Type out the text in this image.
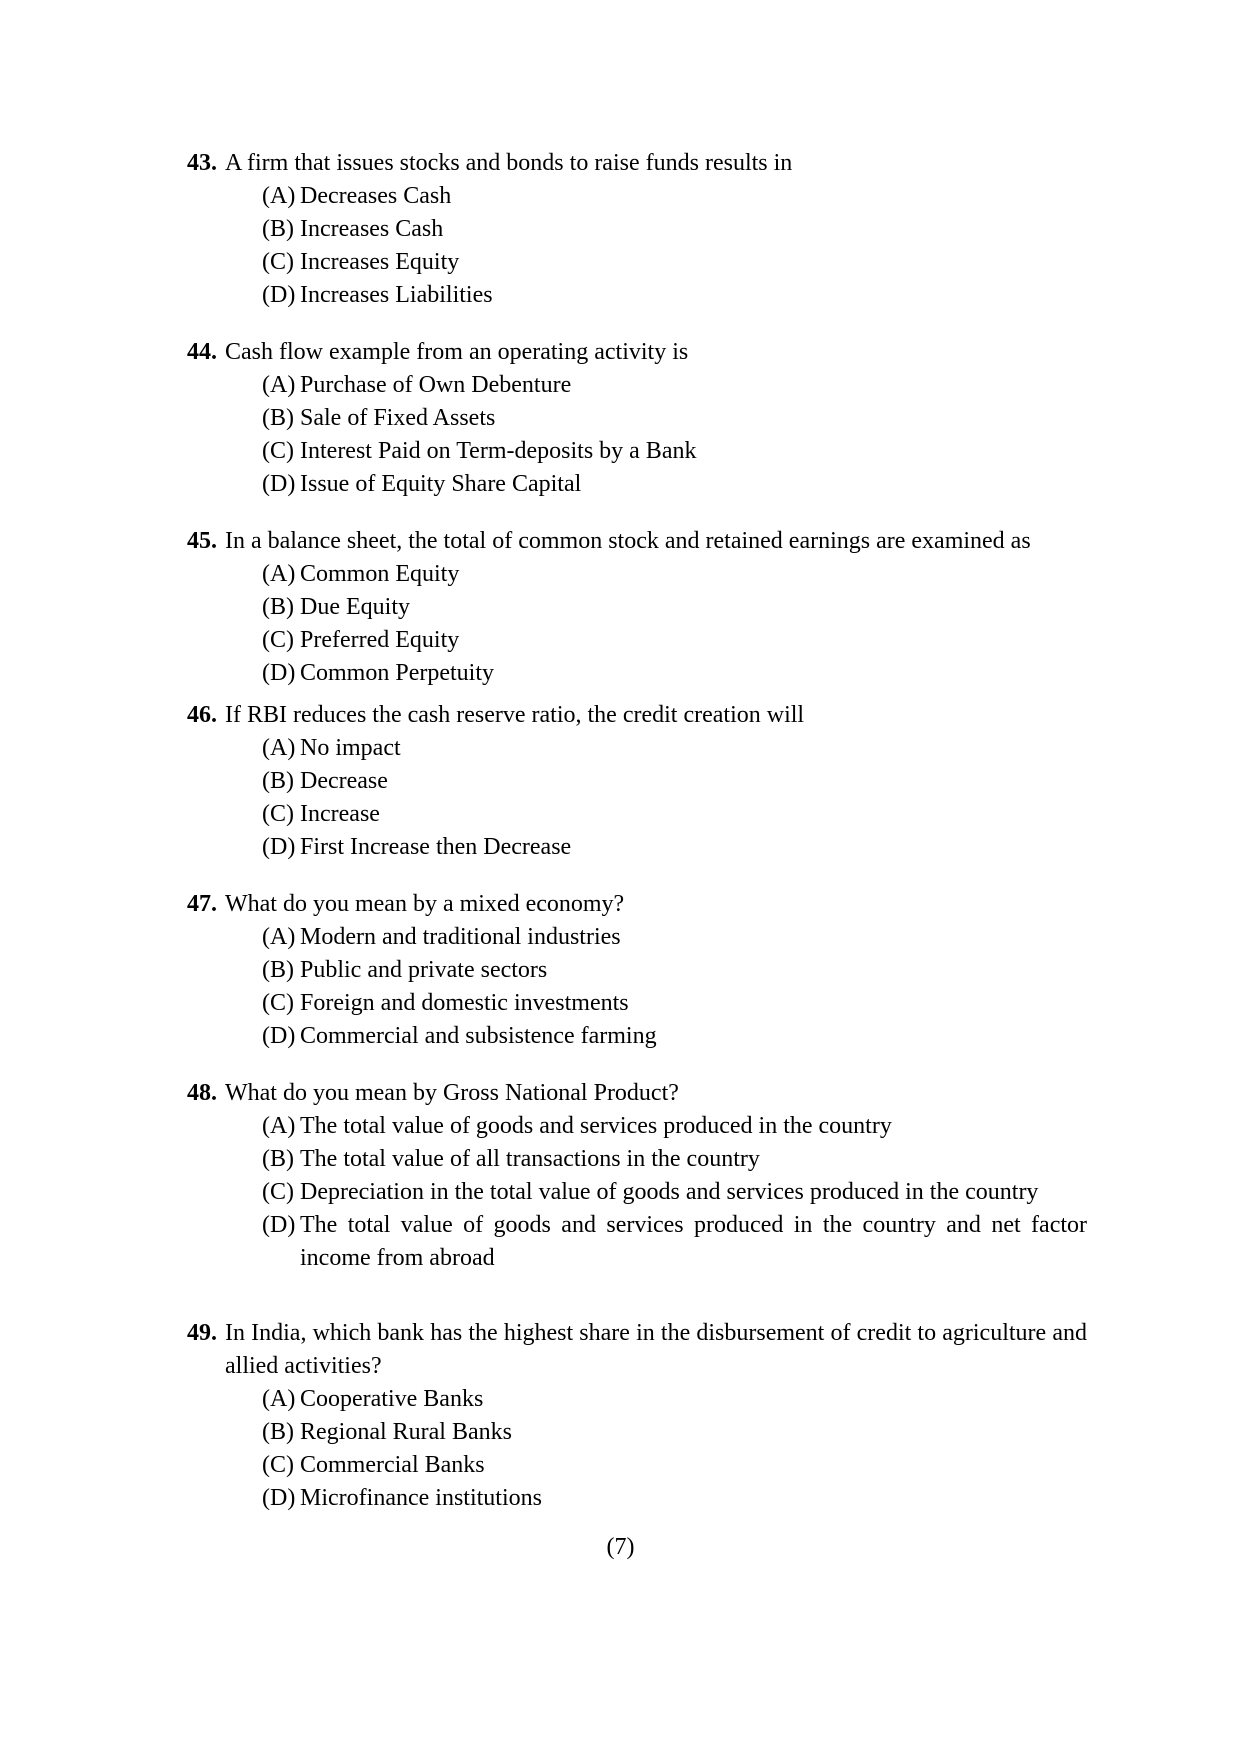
43. A firm that issues stocks and bonds to raise funds results in
(A) Decreases Cash
(B) Increases Cash
(C) Increases Equity
(D) Increases Liabilities
44. Cash flow example from an operating activity is
(A) Purchase of Own Debenture
(B) Sale of Fixed Assets
(C) Interest Paid on Term-deposits by a Bank
(D) Issue of Equity Share Capital
45. In a balance sheet, the total of common stock and retained earnings are examined as
(A) Common Equity
(B) Due Equity
(C) Preferred Equity
(D) Common Perpetuity
46. If RBI reduces the cash reserve ratio, the credit creation will
(A) No impact
(B) Decrease
(C) Increase
(D) First Increase then Decrease
47. What do you mean by a mixed economy?
(A) Modern and traditional industries
(B) Public and private sectors
(C) Foreign and domestic investments
(D) Commercial and subsistence farming
48. What do you mean by Gross National Product?
(A) The total value of goods and services produced in the country
(B) The total value of all transactions in the country
(C) Depreciation in the total value of goods and services produced in the country
(D) The total value of goods and services produced in the country and net factor income from abroad
49. In India, which bank has the highest share in the disbursement of credit to agriculture and allied activities?
(A) Cooperative Banks
(B) Regional Rural Banks
(C) Commercial Banks
(D) Microfinance institutions
(7)
